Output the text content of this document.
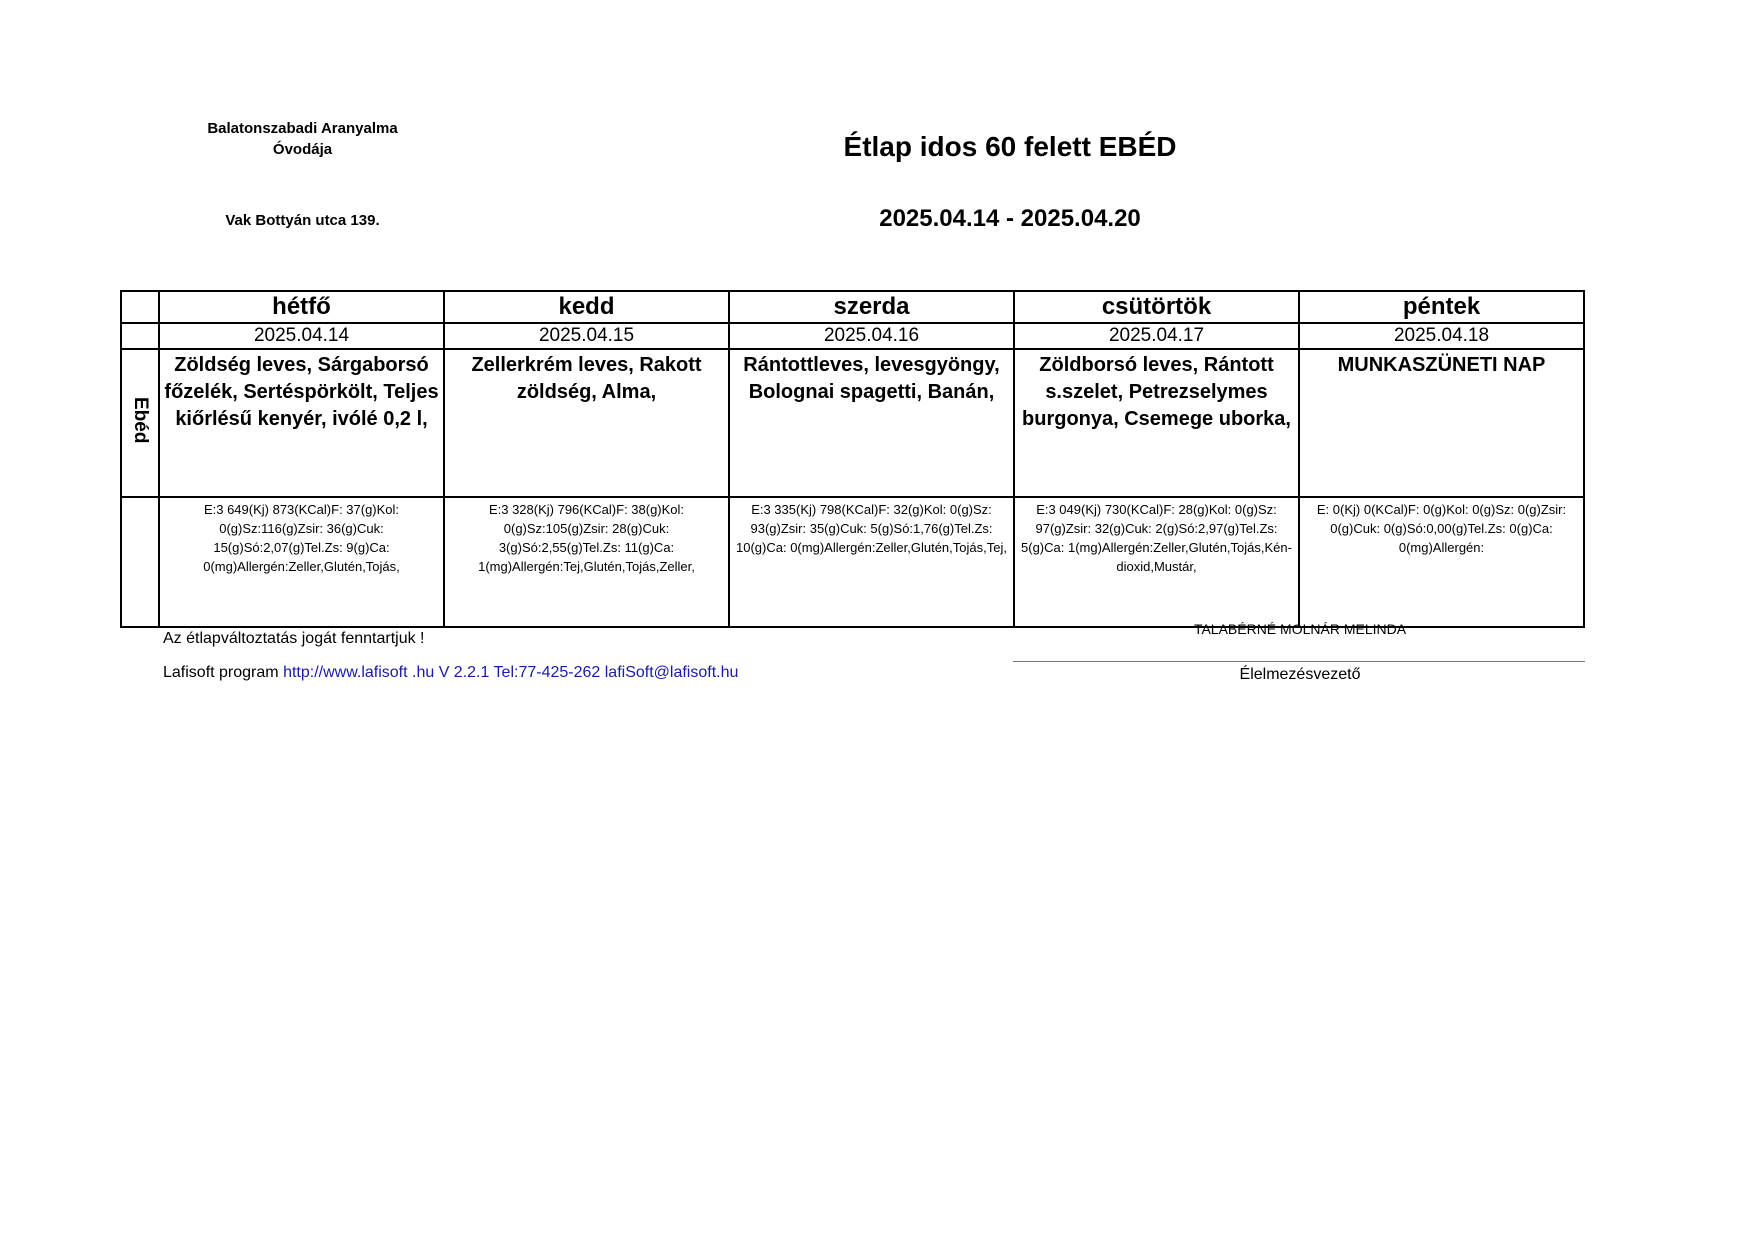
Balatonszabadi Aranyalma
Óvodája
Vak Bottyán utca 139.
Étlap idos 60 felett EBÉD
2025.04.14 - 2025.04.20
	hétfő	kedd	szerda	csütörtök	péntek
	2025.04.14	2025.04.15	2025.04.16	2025.04.17	2025.04.18
Ebéd	Zöldség leves, Sárgaborsó főzelék, Sertéspörkölt, Teljes kiőrlésű kenyér, ivólé 0,2 l,	Zellerkrém leves, Rakott zöldség, Alma,	Rántottleves, levesgyöngy, Bolognai spagetti, Banán,	Zöldborsó leves, Rántott s.szelet, Petrezselymes burgonya, Csemege uborka,	MUNKASZÜNETI NAP
	E:3 649(Kj) 873(KCal)F: 37(g)Kol: 0(g)Sz:116(g)Zsir: 36(g)Cuk: 15(g)Só:2,07(g)Tel.Zs: 9(g)Ca: 0(mg)Allergén:Zeller,Glutén,Tojás,	E:3 328(Kj) 796(KCal)F: 38(g)Kol: 0(g)Sz:105(g)Zsir: 28(g)Cuk: 3(g)Só:2,55(g)Tel.Zs: 11(g)Ca: 1(mg)Allergén:Tej,Glutén,Tojás,Zeller,	E:3 335(Kj) 798(KCal)F: 32(g)Kol: 0(g)Sz: 93(g)Zsir: 35(g)Cuk: 5(g)Só:1,76(g)Tel.Zs: 10(g)Ca: 0(mg)Allergén:Zeller,Glutén,Tojás,Tej,	E:3 049(Kj) 730(KCal)F: 28(g)Kol: 0(g)Sz: 97(g)Zsir: 32(g)Cuk: 2(g)Só:2,97(g)Tel.Zs: 5(g)Ca: 1(mg)Allergén:Zeller,Glutén,Tojás,Kén-dioxid,Mustár,	E: 0(Kj) 0(KCal)F: 0(g)Kol: 0(g)Sz: 0(g)Zsir: 0(g)Cuk: 0(g)Só:0,00(g)Tel.Zs: 0(g)Ca: 0(mg)Allergén:
Az étlapváltoztatás jogát fenntartjuk !
Lafisoft program http://www.lafisoft .hu V 2.2.1 Tel:77-425-262 lafiSoft@lafisoft.hu
TALABÉRNÉ MOLNÁR MELINDA
Élelmezésvezető
